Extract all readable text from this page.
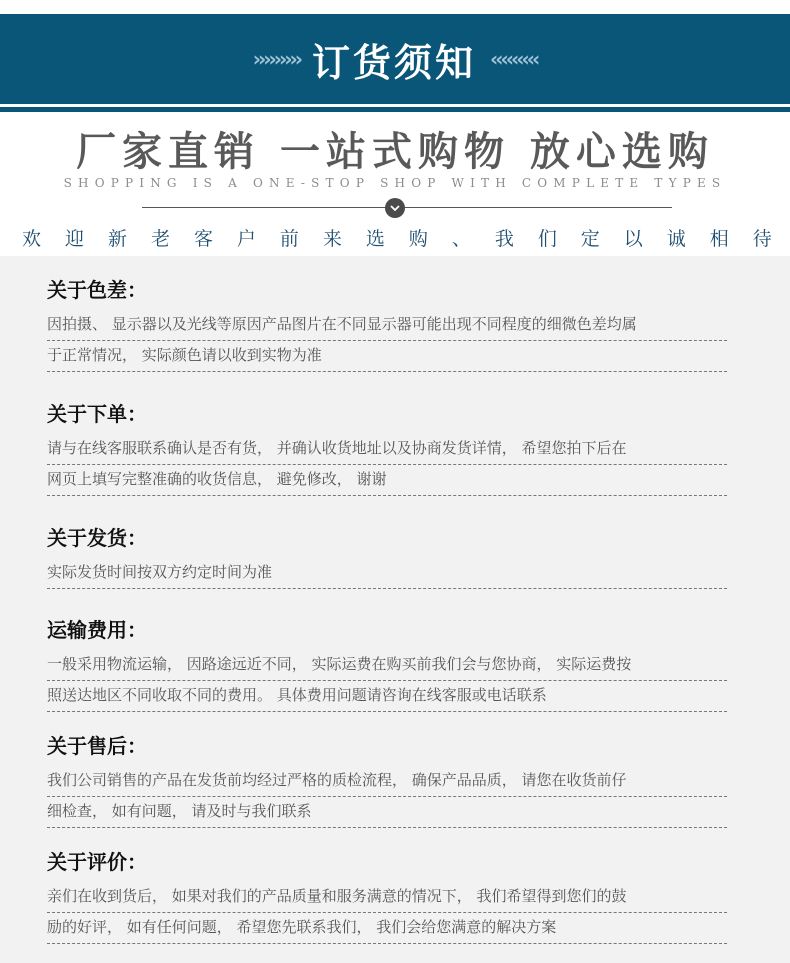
››››››››› 订货须知 ‹‹‹‹‹‹‹‹‹
厂家直销 一站式购物 放心选购
SHOPPING IS A ONE-STOP SHOP WITH COMPLETE TYPES
欢 迎 新 老 客 户 前 来 选 购 、 我 们 定 以 诚 相 待
关于色差：
因拍摄、 显示器以及光线等原因产品图片在不同显示器可能出现不同程度的细微色差均属
于正常情况， 实际颜色请以收到实物为准
关于下单：
请与在线客服联系确认是否有货， 并确认收货地址以及协商发货详情， 希望您拍下后在
网页上填写完整准确的收货信息， 避免修改， 谢谢
关于发货：
实际发货时间按双方约定时间为准
运输费用：
一般采用物流运输， 因路途远近不同， 实际运费在购买前我们会与您协商， 实际运费按
照送达地区不同收取不同的费用。 具体费用问题请咨询在线客服或电话联系
关于售后：
我们公司销售的产品在发货前均经过严格的质检流程， 确保产品品质， 请您在收货前仔
细检查， 如有问题， 请及时与我们联系
关于评价：
亲们在收到货后， 如果对我们的产品质量和服务满意的情况下， 我们希望得到您们的鼓
励的好评， 如有任何问题， 希望您先联系我们， 我们会给您满意的解决方案
